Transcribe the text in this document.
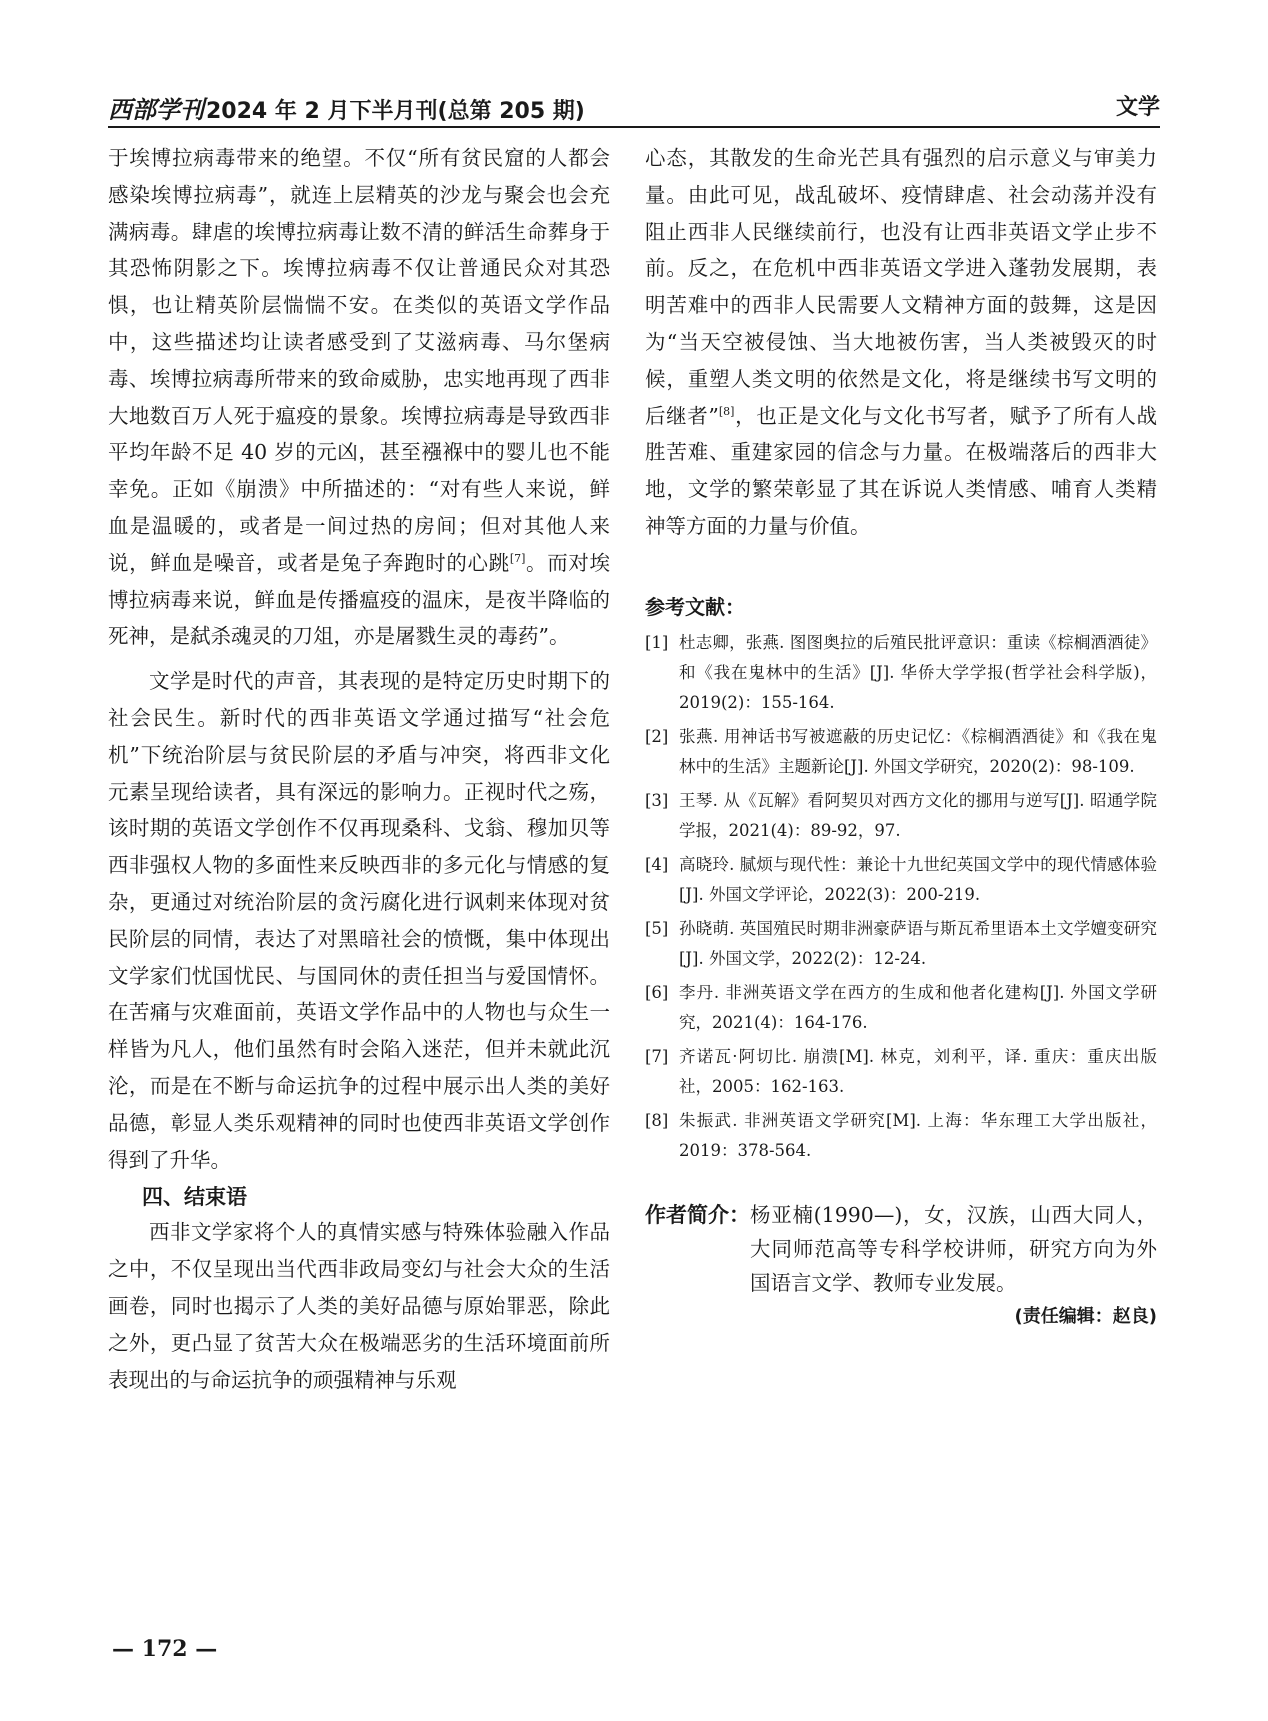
西部学刊2024 年 2 月下半月刊(总第 205 期)	文学

于埃博拉病毒带来的绝望。不仅“所有贫民窟的人都会感染埃博拉病毒”，就连上层精英的沙龙与聚会也会充满病毒。肆虐的埃博拉病毒让数不清的鲜活生命葬身于其恐怖阴影之下。埃博拉病毒不仅让普通民众对其恐惧，也让精英阶层惴惴不安。在类似的英语文学作品中，这些描述均让读者感受到了艾滋病毒、马尔堡病毒、埃博拉病毒所带来的致命威胁，忠实地再现了西非大地数百万人死于瘟疫的景象。埃博拉病毒是导致西非平均年龄不足 40 岁的元凶，甚至襁褓中的婴儿也不能幸免。正如《崩溃》中所描述的：“对有些人来说，鲜血是温暖的，或者是一间过热的房间；但对其他人来说，鲜血是噪音，或者是兔子奔跑时的心跳[7]。而对埃博拉病毒来说，鲜血是传播瘟疫的温床，是夜半降临的死神，是弑杀魂灵的刀俎，亦是屠戮生灵的毒药”。

文学是时代的声音，其表现的是特定历史时期下的社会民生。新时代的西非英语文学通过描写“社会危机”下统治阶层与贫民阶层的矛盾与冲突，将西非文化元素呈现给读者，具有深远的影响力。正视时代之殇，该时期的英语文学创作不仅再现桑科、戈翁、穆加贝等西非强权人物的多面性来反映西非的多元化与情感的复杂，更通过对统治阶层的贪污腐化进行讽刺来体现对贫民阶层的同情，表达了对黑暗社会的愤慨，集中体现出文学家们忧国忧民、与国同休的责任担当与爱国情怀。在苦痛与灾难面前，英语文学作品中的人物也与众生一样皆为凡人，他们虽然有时会陷入迷茫，但并未就此沉沦，而是在不断与命运抗争的过程中展示出人类的美好品德，彰显人类乐观精神的同时也使西非英语文学创作得到了升华。

四、结束语

西非文学家将个人的真情实感与特殊体验融入作品之中，不仅呈现出当代西非政局变幻与社会大众的生活画卷，同时也揭示了人类的美好品德与原始罪恶，除此之外，更凸显了贫苦大众在极端恶劣的生活环境面前所表现出的与命运抗争的顽强精神与乐观

心态，其散发的生命光芒具有强烈的启示意义与审美力量。由此可见，战乱破坏、疫情肆虐、社会动荡并没有阻止西非人民继续前行，也没有让西非英语文学止步不前。反之，在危机中西非英语文学进入蓬勃发展期，表明苦难中的西非人民需要人文精神方面的鼓舞，这是因为“当天空被侵蚀、当大地被伤害，当人类被毁灭的时候，重塑人类文明的依然是文化，将是继续书写文明的后继者”[8]，也正是文化与文化书写者，赋予了所有人战胜苦难、重建家园的信念与力量。在极端落后的西非大地，文学的繁荣彰显了其在诉说人类情感、哺育人类精神等方面的力量与价值。

参考文献：
[1] 杜志卿，张燕. 图图奥拉的后殖民批评意识：重读《棕榈酒酒徒》和《我在鬼林中的生活》[J]. 华侨大学学报(哲学社会科学版)，2019(2)：155-164.
[2] 张燕. 用神话书写被遮蔽的历史记忆：《棕榈酒酒徒》和《我在鬼林中的生活》主题新论[J]. 外国文学研究，2020(2)：98-109.
[3] 王琴. 从《瓦解》看阿契贝对西方文化的挪用与逆写[J]. 昭通学院学报，2021(4)：89-92，97.
[4] 高晓玲. 腻烦与现代性：兼论十九世纪英国文学中的现代情感体验[J]. 外国文学评论，2022(3)：200-219.
[5] 孙晓萌. 英国殖民时期非洲豪萨语与斯瓦希里语本土文学嬗变研究[J]. 外国文学，2022(2)：12-24.
[6] 李丹. 非洲英语文学在西方的生成和他者化建构[J]. 外国文学研究，2021(4)：164-176.
[7] 齐诺瓦·阿切比. 崩溃[M]. 林克，刘利平，译. 重庆：重庆出版社，2005：162-163.
[8] 朱振武. 非洲英语文学研究[M]. 上海：华东理工大学出版社，2019：378-564.
作者简介： 杨亚楠(1990—)，女，汉族，山西大同人，大同师范高等专科学校讲师，研究方向为外国语言文学、教师专业发展。
(责任编辑：赵良)
— 172 —
